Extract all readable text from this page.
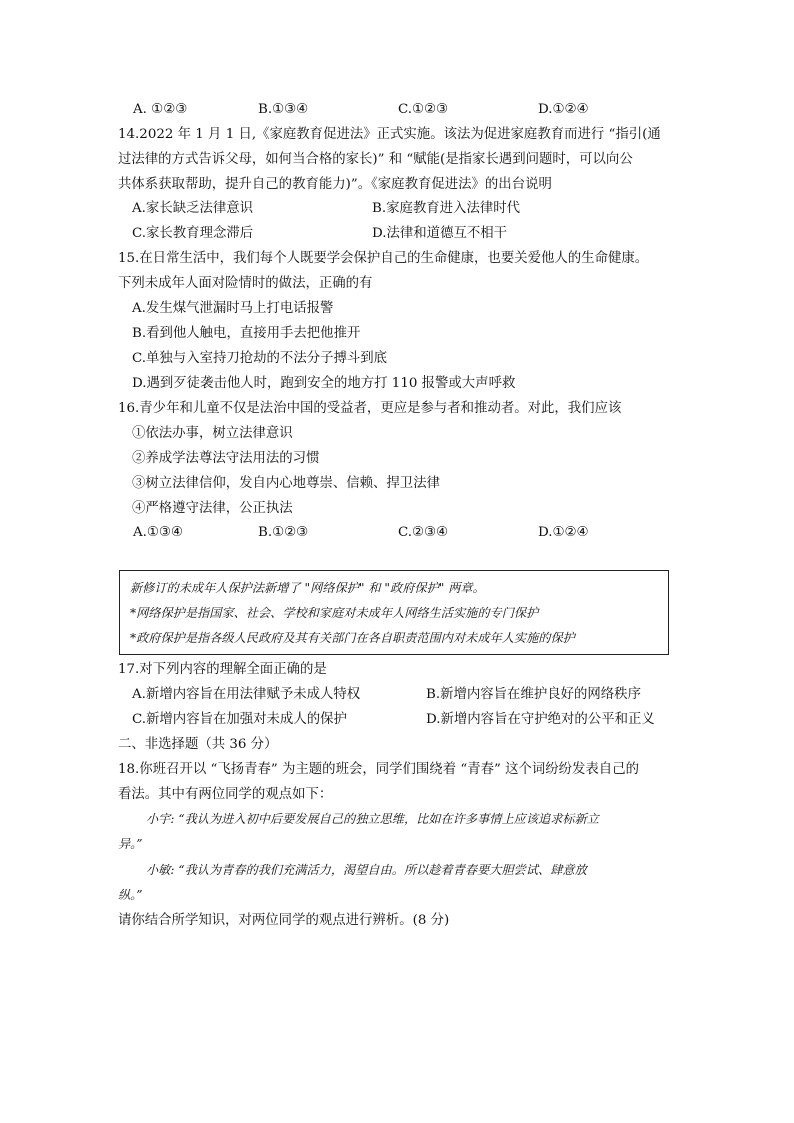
A. ①②③	B.①③④	C.①②③	D.①②④
14.2022 年 1 月 1 日,《家庭教育促进法》正式实施。该法为促进家庭教育而进行 “指引(通
过法律的方式告诉父母，如何当合格的家长)” 和 “赋能(是指家长遇到问题时，可以向公
共体系获取帮助，提升自己的教育能力)”。《家庭教育促进法》的出台说明
A.家长缺乏法律意识	B.家庭教育进入法律时代
C.家长教育理念滞后	D.法律和道德互不相干
15.在日常生活中，我们每个人既要学会保护自己的生命健康，也要关爱他人的生命健康。
下列未成年人面对险情时的做法，正确的有
A.发生煤气泄漏时马上打电话报警
B.看到他人触电，直接用手去把他推开
C.单独与入室持刀抢劫的不法分子搏斗到底
D.遇到歹徒袭击他人时，跑到安全的地方打 110 报警或大声呼救
16.青少年和儿童不仅是法治中国的受益者，更应是参与者和推动者。对此，我们应该
①依法办事，树立法律意识
②养成学法尊法守法用法的习惯
③树立法律信仰，发自内心地尊崇、信赖、捍卫法律
④严格遵守法律，公正执法
A.①③④	B.①②③	C.②③④	D.①②④
新修订的未成年人保护法新增了 "网络保护" 和 "政府保护" 两章。
*网络保护是指国家、社会、学校和家庭对未成年人网络生活实施的专门保护
*政府保护是指各级人民政府及其有关部门在各自职责范围内对未成年人实施的保护
17.对下列内容的理解全面正确的是
A.新增内容旨在用法律赋予未成人特权	B.新增内容旨在维护良好的网络秩序
C.新增内容旨在加强对未成人的保护	D.新增内容旨在守护绝对的公平和正义
二、非选择题（共 36 分）
18.你班召开以 “飞扬青春” 为主题的班会，同学们围绕着 “青春” 这个词纷纷发表自己的
看法。其中有两位同学的观点如下：
小宇: “我认为进入初中后要发展自己的独立思维，比如在许多事情上应该追求标新立
异。”
小敏: “我认为青春的我们充满活力，渴望自由。所以趁着青春要大胆尝试、肆意放
纵。”
请你结合所学知识，对两位同学的观点进行辨析。(8 分)
